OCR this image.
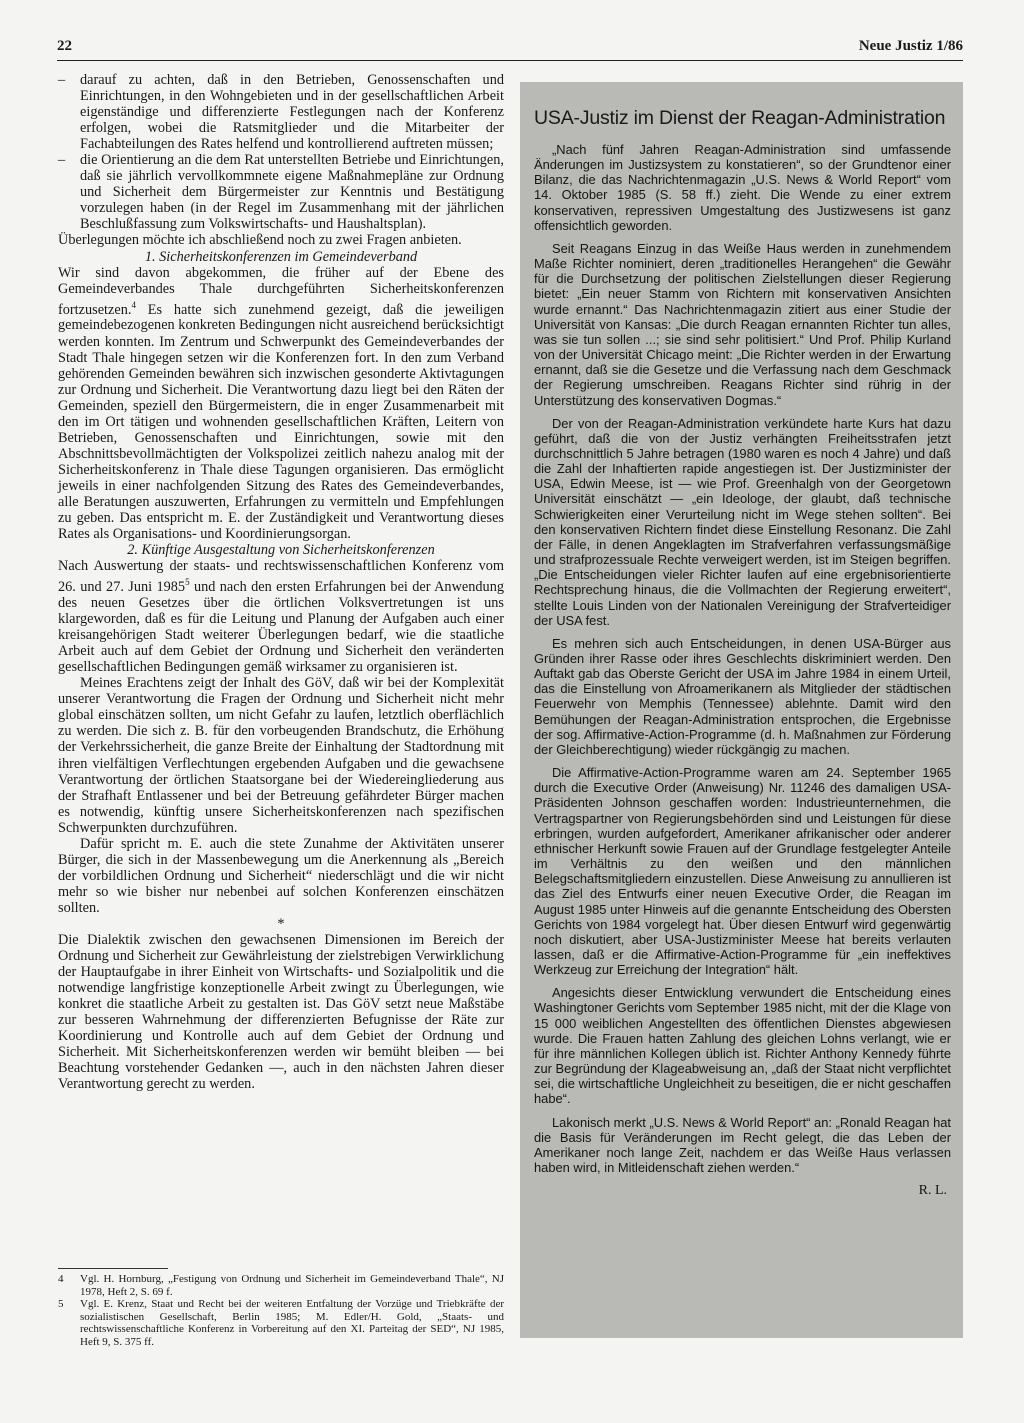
22	Neue Justiz 1/86
–	darauf zu achten, daß in den Betrieben, Genossenschaften und Einrichtungen, in den Wohngebieten und in der gesellschaftlichen Arbeit eigenständige und differenzierte Festlegungen nach der Konferenz erfolgen, wobei die Ratsmitglieder und die Mitarbeiter der Fachabteilungen des Rates helfend und kontrollierend auftreten müssen;
–	die Orientierung an die dem Rat unterstellten Betriebe und Einrichtungen, daß sie jährlich vervollkommnete eigene Maßnahmepläne zur Ordnung und Sicherheit dem Bürgermeister zur Kenntnis und Bestätigung vorzulegen haben (in der Regel im Zusammenhang mit der jährlichen Beschlußfassung zum Volkswirtschafts- und Haushaltsplan).

Überlegungen möchte ich abschließend noch zu zwei Fragen anbieten.

1. Sicherheitskonferenzen im Gemeindeverband

Wir sind davon abgekommen, die früher auf der Ebene des Gemeindeverbandes Thale durchgeführten Sicherheitskonferenzen fortzusetzen.$^4$ Es hatte sich zunehmend gezeigt, daß die jeweiligen gemeindebezogenen konkreten Bedingungen nicht ausreichend berücksichtigt werden konnten. Im Zentrum und Schwerpunkt des Gemeindeverbandes der Stadt Thale hingegen setzen wir die Konferenzen fort. In den zum Verband gehörenden Gemeinden bewähren sich inzwischen gesonderte Aktivtagungen zur Ordnung und Sicherheit. Die Verantwortung dazu liegt bei den Räten der Gemeinden, speziell den Bürgermeistern, die in enger Zusammenarbeit mit den im Ort tätigen und wohnenden gesellschaftlichen Kräften, Leitern von Betrieben, Genossenschaften und Einrichtungen, sowie mit den Abschnittsbevollmächtigten der Volkspolizei zeitlich nahezu analog mit der Sicherheitskonferenz in Thale diese Tagungen organisieren. Das ermöglicht jeweils in einer nachfolgenden Sitzung des Rates des Gemeindeverbandes, alle Beratungen auszuwerten, Erfahrungen zu vermitteln und Empfehlungen zu geben. Das entspricht m. E. der Zuständigkeit und Verantwortung dieses Rates als Organisations- und Koordinierungsorgan.

2. Künftige Ausgestaltung von Sicherheitskonferenzen

Nach Auswertung der staats- und rechtswissenschaftlichen Konferenz vom 26. und 27. Juni 1985$^5$ und nach den ersten Erfahrungen bei der Anwendung des neuen Gesetzes über die örtlichen Volksvertretungen ist uns klargeworden, daß es für die Leitung und Planung der Aufgaben auch einer kreisangehörigen Stadt weiterer Überlegungen bedarf, wie die staatliche Arbeit auch auf dem Gebiet der Ordnung und Sicherheit den veränderten gesellschaftlichen Bedingungen gemäß wirksamer zu organisieren ist.

Meines Erachtens zeigt der Inhalt des GöV, daß wir bei der Komplexität unserer Verantwortung die Fragen der Ordnung und Sicherheit nicht mehr global einschätzen sollten, um nicht Gefahr zu laufen, letztlich oberflächlich zu werden. Die sich z. B. für den vorbeugenden Brandschutz, die Erhöhung der Verkehrssicherheit, die ganze Breite der Einhaltung der Stadtordnung mit ihren vielfältigen Verflechtungen ergebenden Aufgaben und die gewachsene Verantwortung der örtlichen Staatsorgane bei der Wiedereingliederung aus der Strafhaft Entlassener und bei der Betreuung gefährdeter Bürger machen es notwendig, künftig unsere Sicherheitskonferenzen nach spezifischen Schwerpunkten durchzuführen.

Dafür spricht m. E. auch die stete Zunahme der Aktivitäten unserer Bürger, die sich in der Massenbewegung um die Anerkennung als „Bereich der vorbildlichen Ordnung und Sicherheit“ niederschlägt und die wir nicht mehr so wie bisher nur nebenbei auf solchen Konferenzen einschätzen sollten.

*

Die Dialektik zwischen den gewachsenen Dimensionen im Bereich der Ordnung und Sicherheit zur Gewährleistung der zielstrebigen Verwirklichung der Hauptaufgabe in ihrer Einheit von Wirtschafts- und Sozialpolitik und die notwendige langfristige konzeptionelle Arbeit zwingt zu Überlegungen, wie konkret die staatliche Arbeit zu gestalten ist. Das GöV setzt neue Maßstäbe zur besseren Wahrnehmung der differenzierten Befugnisse der Räte zur Koordinierung und Kontrolle auch auf dem Gebiet der Ordnung und Sicherheit. Mit Sicherheitskonferenzen werden wir bemüht bleiben — bei Beachtung vorstehender Gedanken —, auch in den nächsten Jahren dieser Verantwortung gerecht zu werden.

4	Vgl. H. Hornburg, „Festigung von Ordnung und Sicherheit im Gemeindeverband Thale“, NJ 1978, Heft 2, S. 69 f.
5	Vgl. E. Krenz, Staat und Recht bei der weiteren Entfaltung der Vorzüge und Triebkräfte der sozialistischen Gesellschaft, Berlin 1985; M. Edler/H. Gold, „Staats- und rechtswissenschaftliche Konferenz in Vorbereitung auf den XI. Parteitag der SED“, NJ 1985, Heft 9, S. 375 ff.
USA-Justiz im Dienst der Reagan-Administration

„Nach fünf Jahren Reagan-Administration sind umfassende Änderungen im Justizsystem zu konstatieren“, so der Grundtenor einer Bilanz, die das Nachrichtenmagazin „U.S. News & World Report“ vom 14. Oktober 1985 (S. 58 ff.) zieht. Die Wende zu einer extrem konservativen, repressiven Umgestaltung des Justizwesens ist ganz offensichtlich geworden.

Seit Reagans Einzug in das Weiße Haus werden in zunehmendem Maße Richter nominiert, deren „traditionelles Herangehen“ die Gewähr für die Durchsetzung der politischen Zielstellungen dieser Regierung bietet: „Ein neuer Stamm von Richtern mit konservativen Ansichten wurde ernannt.“ Das Nachrichtenmagazin zitiert aus einer Studie der Universität von Kansas: „Die durch Reagan ernannten Richter tun alles, was sie tun sollen ...; sie sind sehr politisiert.“ Und Prof. Philip Kurland von der Universität Chicago meint: „Die Richter werden in der Erwartung ernannt, daß sie die Gesetze und die Verfassung nach dem Geschmack der Regierung umschreiben. Reagans Richter sind rührig in der Unterstützung des konservativen Dogmas.“

Der von der Reagan-Administration verkündete harte Kurs hat dazu geführt, daß die von der Justiz verhängten Freiheitsstrafen jetzt durchschnittlich 5 Jahre betragen (1980 waren es noch 4 Jahre) und daß die Zahl der Inhaftierten rapide angestiegen ist. Der Justizminister der USA, Edwin Meese, ist — wie Prof. Greenhalgh von der Georgetown Universität einschätzt — „ein Ideologe, der glaubt, daß technische Schwierigkeiten einer Verurteilung nicht im Wege stehen sollten“. Bei den konservativen Richtern findet diese Einstellung Resonanz. Die Zahl der Fälle, in denen Angeklagten im Strafverfahren verfassungsmäßige und strafprozessuale Rechte verweigert werden, ist im Steigen begriffen. „Die Entscheidungen vieler Richter laufen auf eine ergebnisorientierte Rechtsprechung hinaus, die die Vollmachten der Regierung erweitert“, stellte Louis Linden von der Nationalen Vereinigung der Strafverteidiger der USA fest.

Es mehren sich auch Entscheidungen, in denen USA-Bürger aus Gründen ihrer Rasse oder ihres Geschlechts diskriminiert werden. Den Auftakt gab das Oberste Gericht der USA im Jahre 1984 in einem Urteil, das die Einstellung von Afroamerikanern als Mitglieder der städtischen Feuerwehr von Memphis (Tennessee) ablehnte. Damit wird den Bemühungen der Reagan-Administration entsprochen, die Ergebnisse der sog. Affirmative-Action-Programme (d. h. Maßnahmen zur Förderung der Gleichberechtigung) wieder rückgängig zu machen.

Die Affirmative-Action-Programme waren am 24. September 1965 durch die Executive Order (Anweisung) Nr. 11246 des damaligen USA-Präsidenten Johnson geschaffen worden: Industrieunternehmen, die Vertragspartner von Regierungsbehörden sind und Leistungen für diese erbringen, wurden aufgefordert, Amerikaner afrikanischer oder anderer ethnischer Herkunft sowie Frauen auf der Grundlage festgelegter Anteile im Verhältnis zu den weißen und den männlichen Belegschaftsmitgliedern einzustellen. Diese Anweisung zu annullieren ist das Ziel des Entwurfs einer neuen Executive Order, die Reagan im August 1985 unter Hinweis auf die genannte Entscheidung des Obersten Gerichts von 1984 vorgelegt hat. Über diesen Entwurf wird gegenwärtig noch diskutiert, aber USA-Justizminister Meese hat bereits verlauten lassen, daß er die Affirmative-Action-Programme für „ein ineffektives Werkzeug zur Erreichung der Integration“ hält.

Angesichts dieser Entwicklung verwundert die Entscheidung eines Washingtoner Gerichts vom September 1985 nicht, mit der die Klage von 15 000 weiblichen Angestellten des öffentlichen Dienstes abgewiesen wurde. Die Frauen hatten Zahlung des gleichen Lohns verlangt, wie er für ihre männlichen Kollegen üblich ist. Richter Anthony Kennedy führte zur Begründung der Klageabweisung an, „daß der Staat nicht verpflichtet sei, die wirtschaftliche Ungleichheit zu beseitigen, die er nicht geschaffen habe“.

Lakonisch merkt „U.S. News & World Report“ an: „Ronald Reagan hat die Basis für Veränderungen im Recht gelegt, die das Leben der Amerikaner noch lange Zeit, nachdem er das Weiße Haus verlassen haben wird, in Mitleidenschaft ziehen werden.“

R. L.
